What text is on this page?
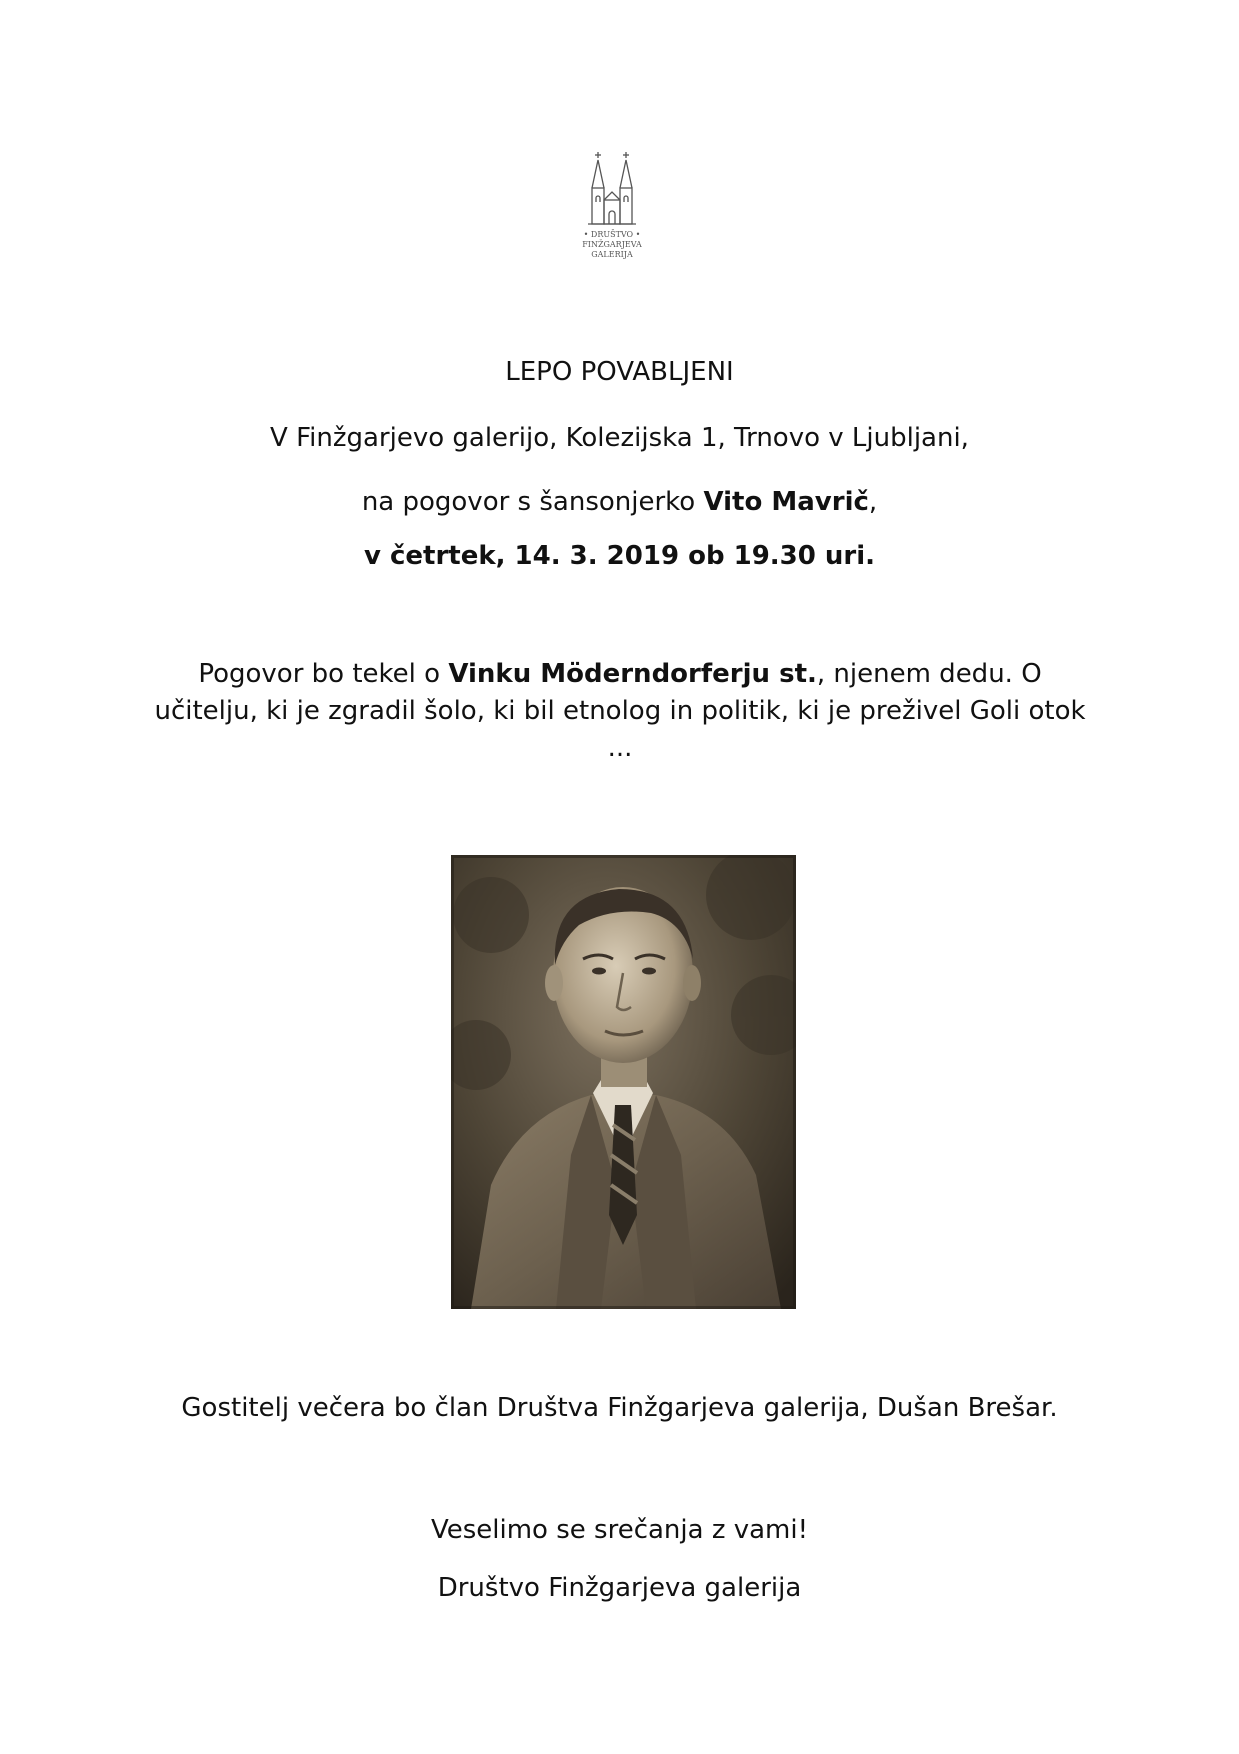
• DRUŠTVO •
FINŽGARJEVA
GALERIJA
LEPO POVABLJENI
V Finžgarjevo galerijo, Kolezijska 1, Trnovo v Ljubljani,
na pogovor s šansonjerko Vito Mavrič,
v četrtek, 14. 3. 2019 ob 19.30 uri.
Pogovor bo tekel o Vinku Möderndorferju st., njenem dedu. O učitelju, ki je zgradil šolo, ki bil etnolog in politik, ki je preživel Goli otok ...
Gostitelj večera bo član Društva Finžgarjeva galerija, Dušan Brešar.
Veselimo se srečanja z vami!
Društvo Finžgarjeva galerija
